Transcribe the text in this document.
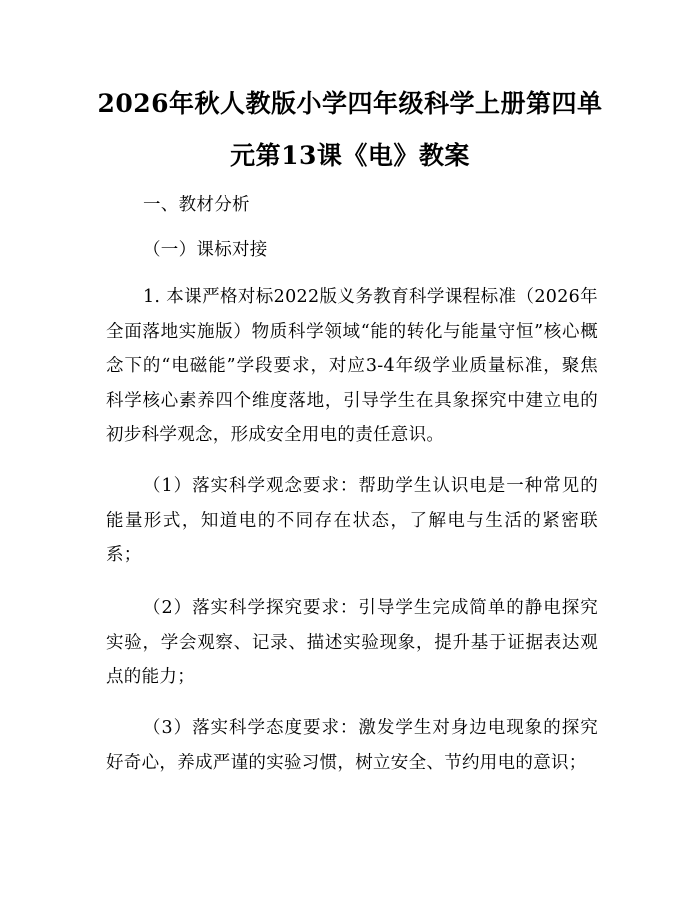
2026年秋人教版小学四年级科学上册第四单元第13课《电》教案
一、教材分析
（一）课标对接
1. 本课严格对标2022版义务教育科学课程标准（2026年全面落地实施版）物质科学领域“能的转化与能量守恒”核心概念下的“电磁能”学段要求，对应3-4年级学业质量标准，聚焦科学核心素养四个维度落地，引导学生在具象探究中建立电的初步科学观念，形成安全用电的责任意识。
（1）落实科学观念要求：帮助学生认识电是一种常见的能量形式，知道电的不同存在状态，了解电与生活的紧密联系；
（2）落实科学探究要求：引导学生完成简单的静电探究实验，学会观察、记录、描述实验现象，提升基于证据表达观点的能力；
（3）落实科学态度要求：激发学生对身边电现象的探究好奇心，养成严谨的实验习惯，树立安全、节约用电的意识；
